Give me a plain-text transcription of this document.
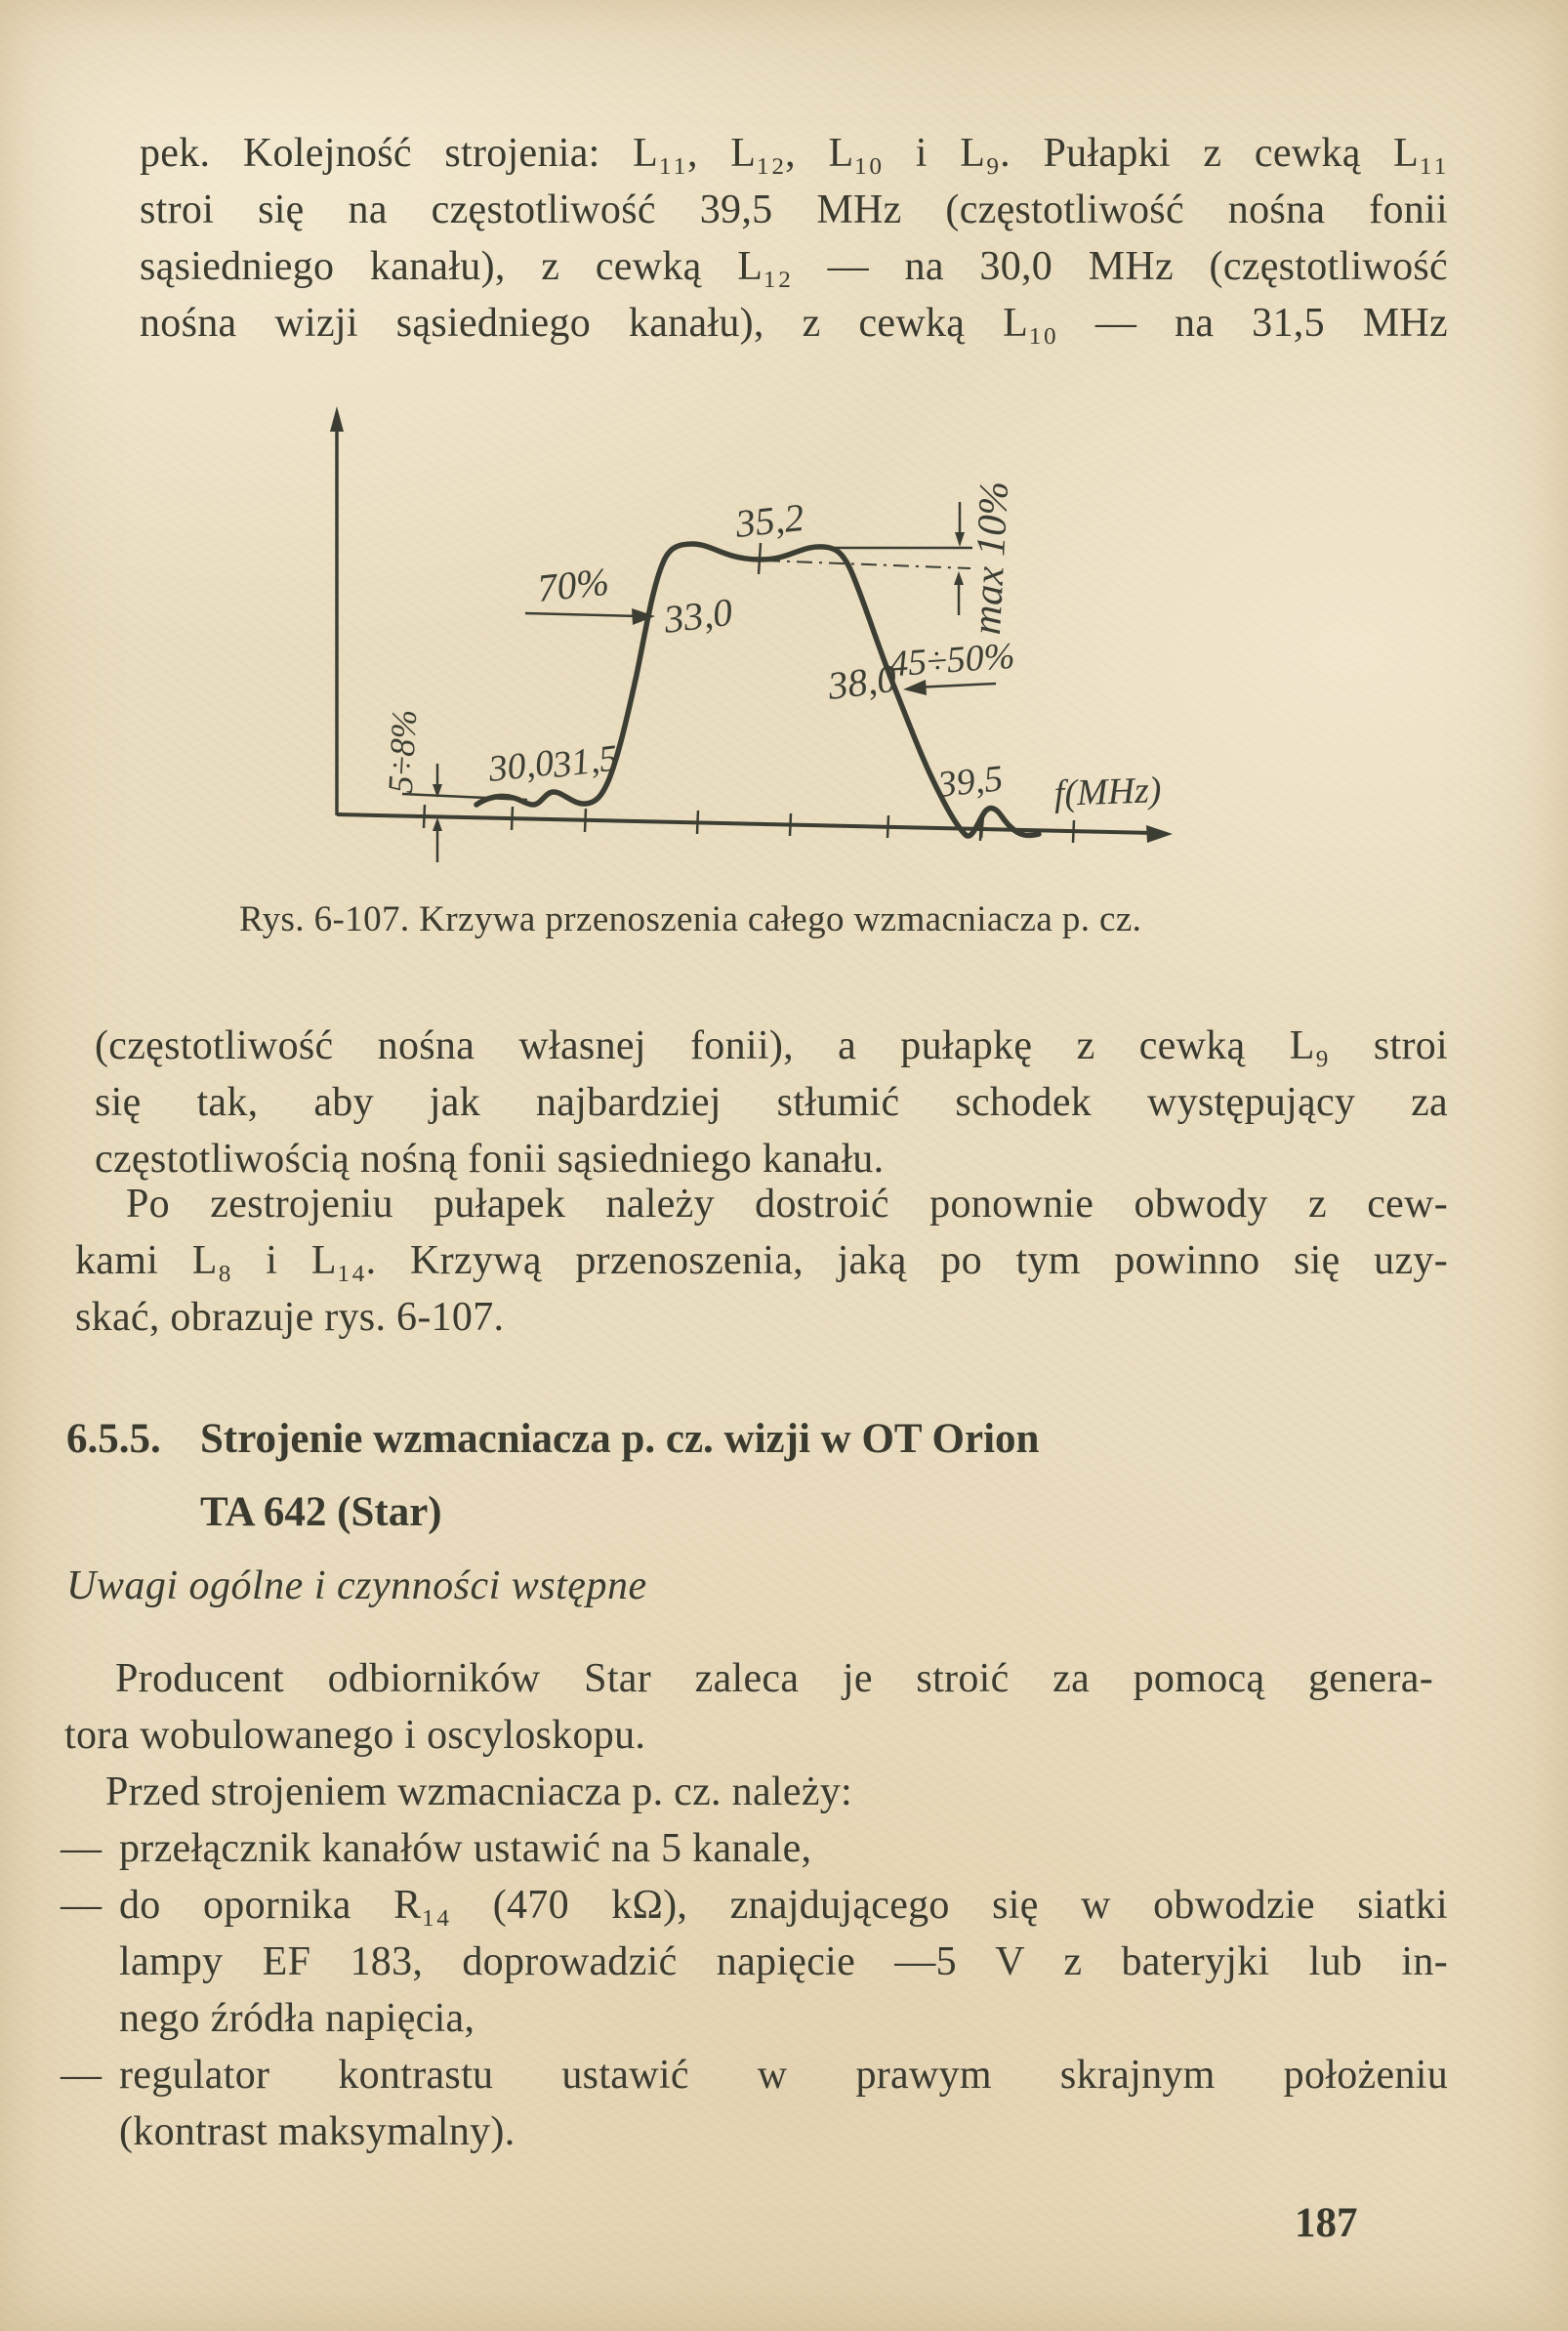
pek. Kolejność strojenia: L₁₁, L₁₂, L₁₀ i L₉. Pułapki z cewką L₁₁
stroi się na częstotliwość 39,5 MHz (częstotliwość nośna fonii
sąsiedniego kanału), z cewką L₁₂ — na 30,0 MHz (częstotliwość
nośna wizji sąsiedniego kanału), z cewką L₁₀ — na 31,5 MHz
5÷8%
70%
33,0
35,2	max 10%
38,0
45÷50%
30,0
31,5	39,5 f(MHz)
Rys. 6-107. Krzywa przenoszenia całego wzmacniacza p. cz.
(częstotliwość nośna własnej fonii), a pułapkę z cewką L₉ stroi
się tak, aby jak najbardziej stłumić schodek występujący za
częstotliwością nośną fonii sąsiedniego kanału.
Po zestrojeniu pułapek należy dostroić ponownie obwody z cew-
kami L₈ i L₁₄. Krzywą przenoszenia, jaką po tym powinno się uzy-
skać, obrazuje rys. 6-107.
6.5.5. Strojenie wzmacniacza p. cz. wizji w OT Orion
TA 642 (Star)
Uwagi ogólne i czynności wstępne
Producent odbiorników Star zaleca je stroić za pomocą genera-
tora wobulowanego i oscyloskopu.
Przed strojeniem wzmacniacza p. cz. należy:
— przełącznik kanałów ustawić na 5 kanale,
— do opornika R₁₄ (470 kΩ), znajdującego się w obwodzie siatki
lampy EF 183, doprowadzić napięcie —5 V z bateryjki lub in-
nego źródła napięcia,
— regulator kontrastu ustawić w prawym skrajnym położeniu
(kontrast maksymalny).
187
